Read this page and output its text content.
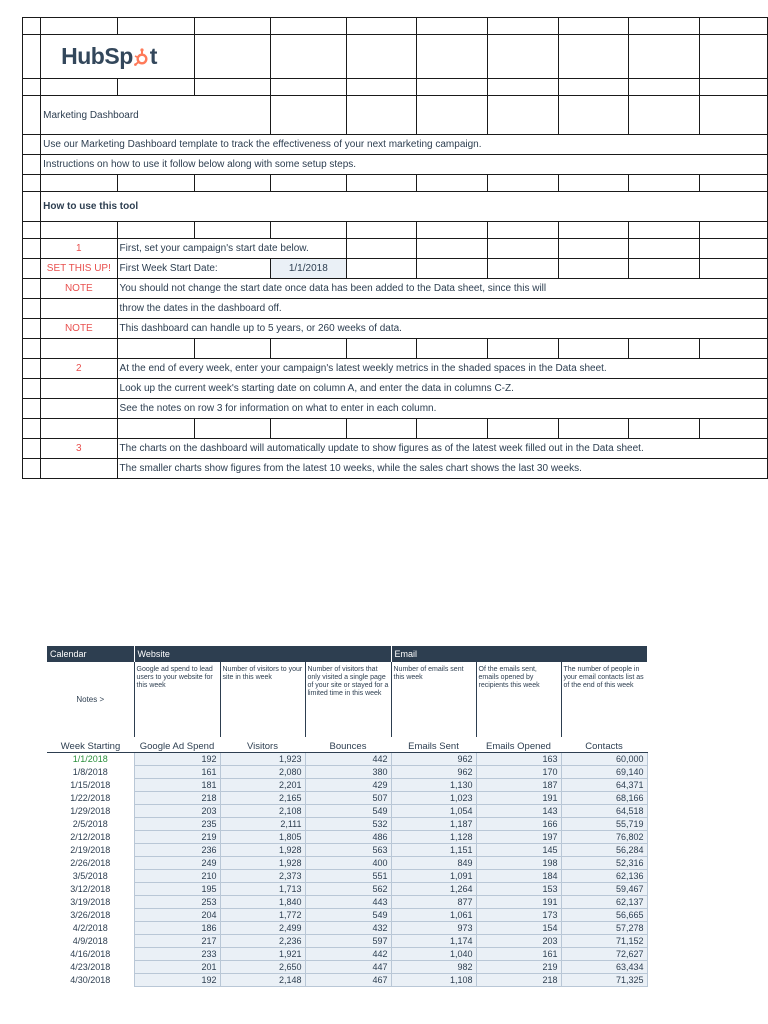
	HubSp t									

	Marketing Dashboard									
	Use our Marketing Dashboard template to track the effectiveness of your next marketing campaign.									
	Instructions on how to use it follow below along with some setup steps.									

	How to use this tool									

	1	First, set your campaign's start date below.								
	SET THIS UP!	First Week Start Date:		1/1/2018						
	NOTE	You should not change the start date once data has been added to the Data sheet, since this will								
		throw the dates in the dashboard off.								
	NOTE	This dashboard can handle up to 5 years, or 260 weeks of data.								

	2	At the end of every week, enter your campaign's latest weekly metrics in the shaded spaces in the Data sheet.								
		Look up the current week's starting date on column A, and enter the data in columns C-Z.								
		See the notes on row 3 for information on what to enter in each column.								

	3	The charts on the dashboard will automatically update to show figures as of the latest week filled out in the Data sheet.								
		The smaller charts show figures from the latest 10 weeks, while the sales chart shows the last 30 weeks.								
Calendar	Website			Email		
Notes >	Google ad spend to lead users to your website for this week	Number of visitors to your site in this week	Number of visitors that only visited a single page of your site or stayed for a limited time in this week	Number of emails sent this week	Of the emails sent, emails opened by recipients this week	The number of people in your email contacts list as of the end of this week
Week Starting	Google Ad Spend	Visitors	Bounces	Emails Sent	Emails Opened	Contacts
1/1/2018	192	1,923	442	962	163	60,000
1/8/2018	161	2,080	380	962	170	69,140
1/15/2018	181	2,201	429	1,130	187	64,371
1/22/2018	218	2,165	507	1,023	191	68,166
1/29/2018	203	2,108	549	1,054	143	64,518
2/5/2018	235	2,111	532	1,187	166	55,719
2/12/2018	219	1,805	486	1,128	197	76,802
2/19/2018	236	1,928	563	1,151	145	56,284
2/26/2018	249	1,928	400	849	198	52,316
3/5/2018	210	2,373	551	1,091	184	62,136
3/12/2018	195	1,713	562	1,264	153	59,467
3/19/2018	253	1,840	443	877	191	62,137
3/26/2018	204	1,772	549	1,061	173	56,665
4/2/2018	186	2,499	432	973	154	57,278
4/9/2018	217	2,236	597	1,174	203	71,152
4/16/2018	233	1,921	442	1,040	161	72,627
4/23/2018	201	2,650	447	982	219	63,434
4/30/2018	192	2,148	467	1,108	218	71,325
